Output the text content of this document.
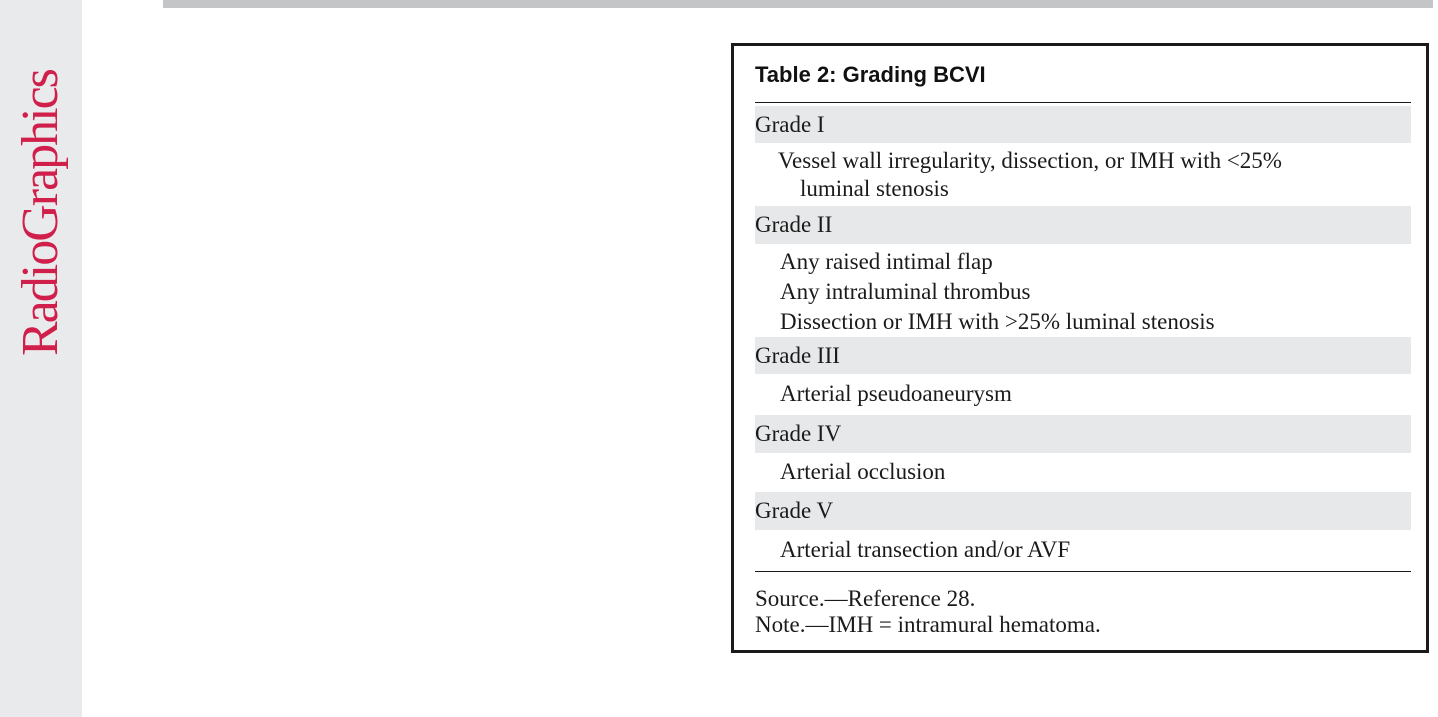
RadioGraphics	Table 2: Grading BCVI
Grade I
Vessel wall irregularity, dissection, or IMH with <25%
luminal stenosis
Grade II
Any raised intimal flap
Any intraluminal thrombus
Dissection or IMH with >25% luminal stenosis
Grade III
Arterial pseudoaneurysm
Grade IV
Arterial occlusion
Grade V
Arterial transection and/or AVF
Source.—Reference 28.
Note.—IMH = intramural hematoma.
